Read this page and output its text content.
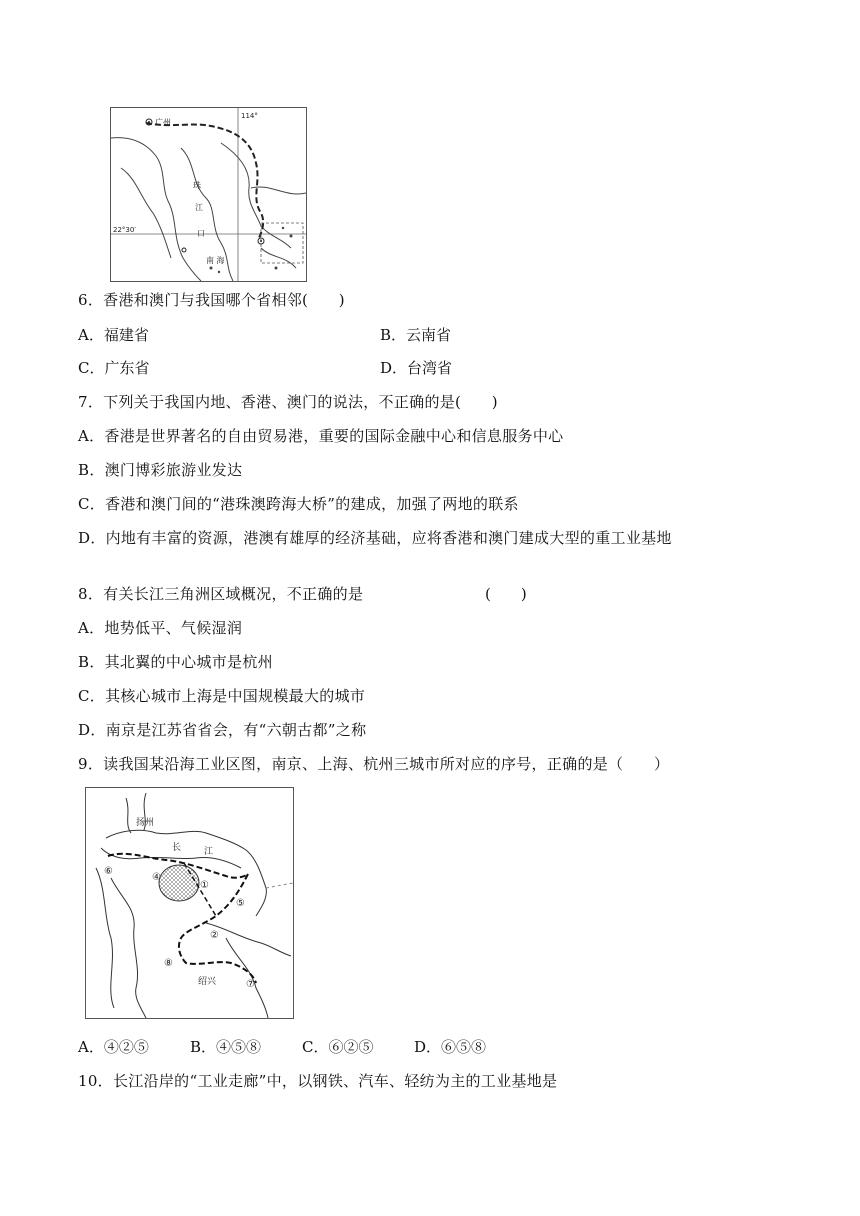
广州
114°
22°30′
珠
江
口
南 海
6．香港和澳门与我国哪个省相邻(　　)
A．福建省	B．云南省
C．广东省	D．台湾省
7．下列关于我国内地、香港、澳门的说法，不正确的是(　　)
A．香港是世界著名的自由贸易港，重要的国际金融中心和信息服务中心
B．澳门博彩旅游业发达
C．香港和澳门间的“港珠澳跨海大桥”的建成，加强了两地的联系
D．内地有丰富的资源，港澳有雄厚的经济基础，应将香港和澳门建成大型的重工业基地
8．有关长江三角洲区域概况，不正确的是	(　　)
A．地势低平、气候湿润
B．其北翼的中心城市是杭州
C．其核心城市上海是中国规模最大的城市
D．南京是江苏省省会，有“六朝古都”之称
9．读我国某沿海工业区图，南京、上海、杭州三城市所对应的序号，正确的是（　　）
⑥
④
①
⑤
②
⑧
⑦
扬州
长	江
绍兴
A．④②⑤	B．④⑤⑧	C．⑥②⑤	D．⑥⑤⑧
10．长江沿岸的“工业走廊”中，以钢铁、汽车、轻纺为主的工业基地是
